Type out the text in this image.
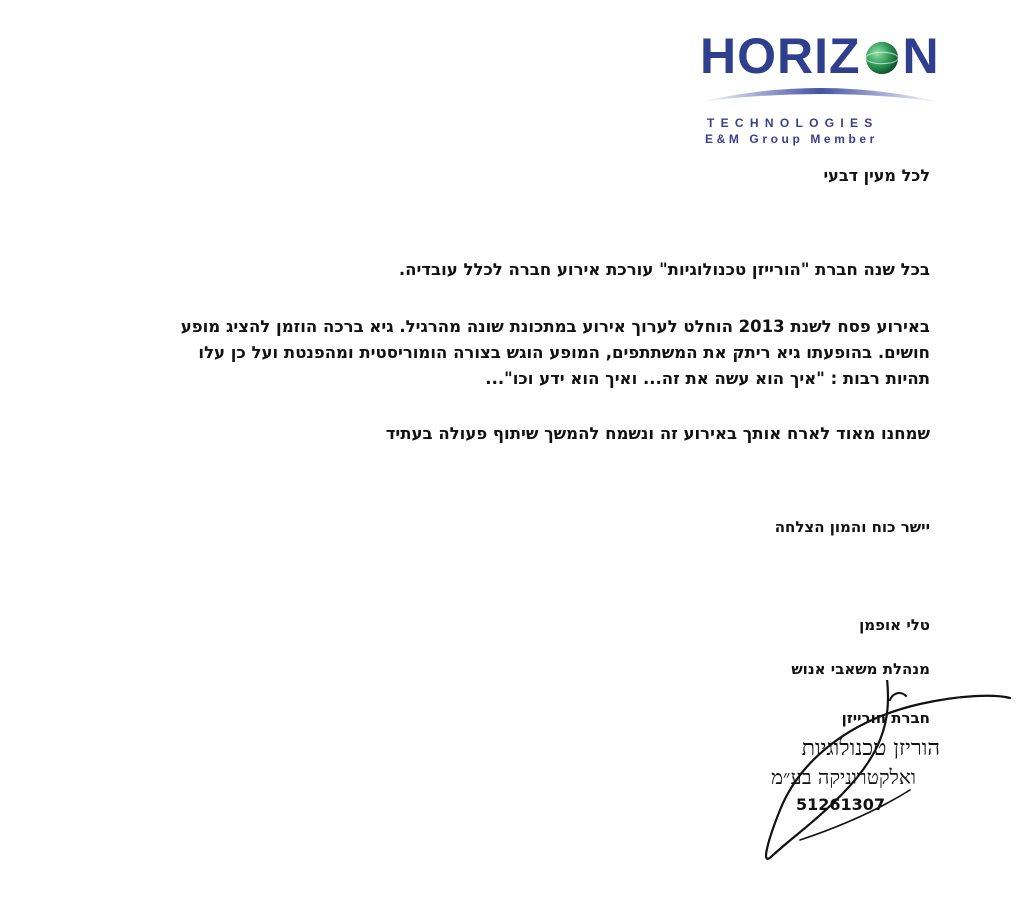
HORIZ N
TECHNOLOGIES
E&M Group Member
לכל מעין דבעי
בכל שנה חברת "הורייזן טכנולוגיות" עורכת אירוע חברה לכלל עובדיה.
באירוע פסח לשנת 2013 הוחלט לערוך אירוע במתכונת שונה מהרגיל. גיא ברכה הוזמן להציג מופע
חושים. בהופעתו גיא ריתק את המשתתפים, המופע הוגש בצורה הומוריסטית ומהפנטת ועל כן עלו
תהיות רבות : "איך הוא עשה את זה... ואיך הוא ידע וכו"...
שמחנו מאוד לארח אותך באירוע זה ונשמח להמשך שיתוף פעולה בעתיד
יישר כוח והמון הצלחה
טלי אופמן
מנהלת משאבי אנוש
חברת הורייזן
הוריזן טכנולוגיות
ואלקטרוניקה בע״מ
51261307
